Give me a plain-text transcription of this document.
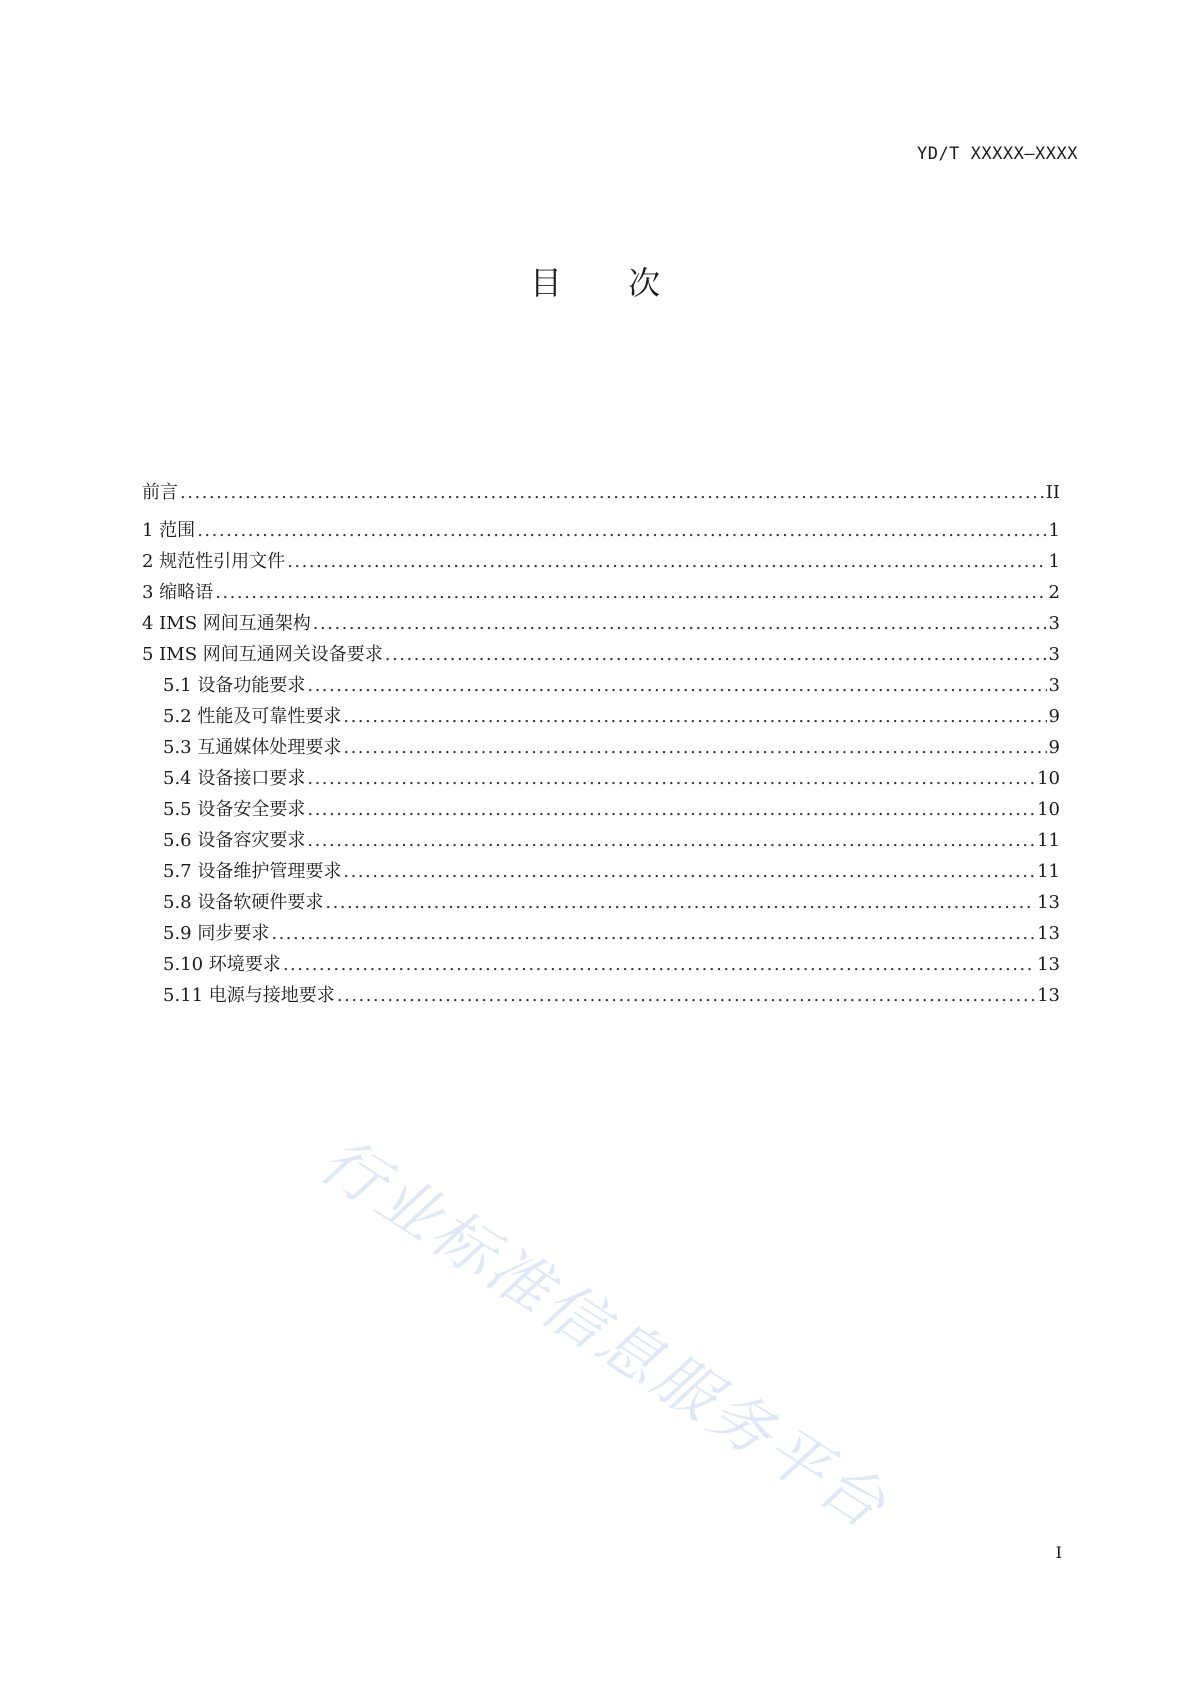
YD/T XXXXX—XXXX
目 次
前言 .....	II
1 范围 .....	1
2 规范性引用文件 .....	1
3 缩略语 .....	2
4 IMS 网间互通架构 .....	3
5 IMS 网间互通网关设备要求 .....	3
5.1 设备功能要求 .....	3
5.2 性能及可靠性要求 .....	9
5.3 互通媒体处理要求 .....	9
5.4 设备接口要求 .....	10
5.5 设备安全要求 .....	10
5.6 设备容灾要求 .....	11
5.7 设备维护管理要求 .....	11
5.8 设备软硬件要求 .....	13
5.9 同步要求 .....	13
5.10 环境要求 .....	13
5.11 电源与接地要求 .....	13
行业标准信息服务平台
I
